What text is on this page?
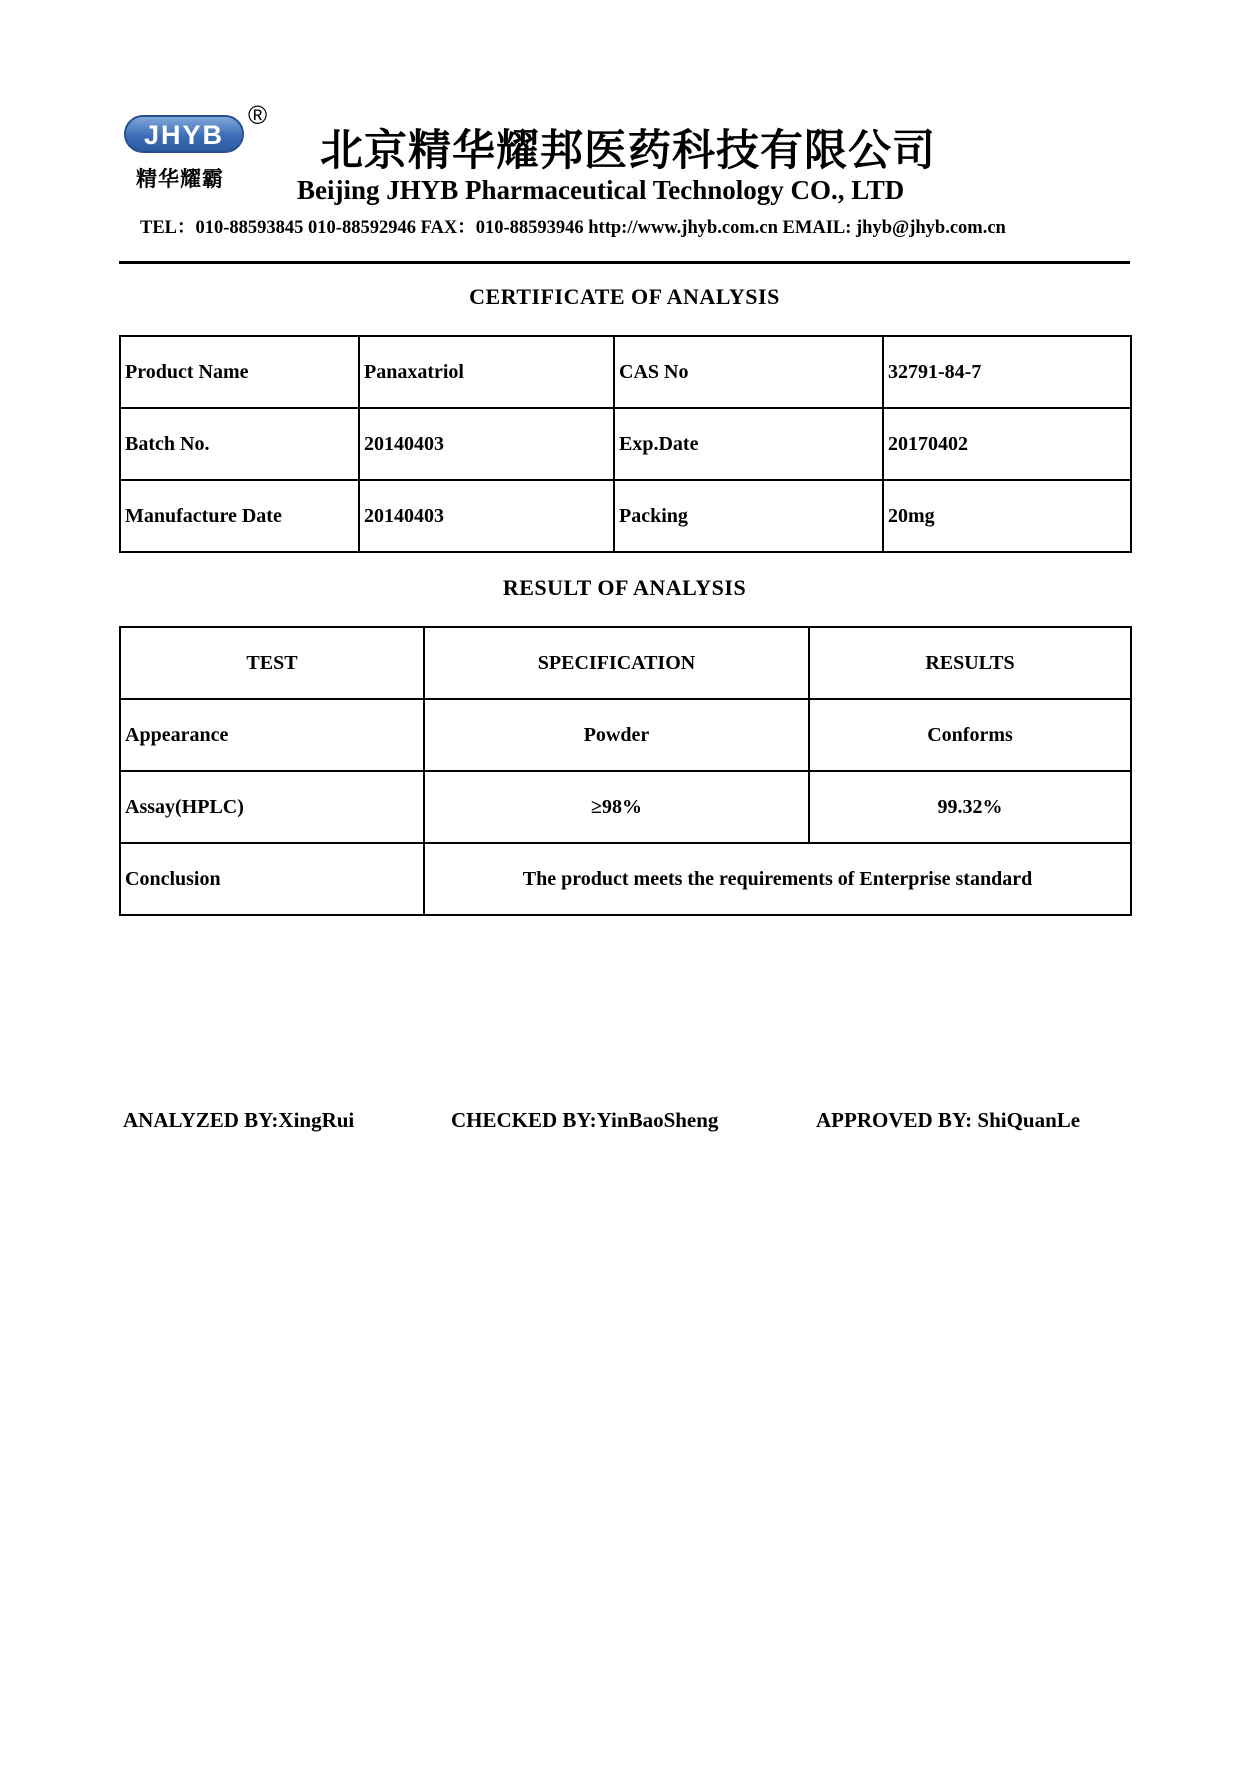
JHYB
®
精华耀霸
北京精华耀邦医药科技有限公司
Beijing JHYB Pharmaceutical Technology CO., LTD
TEL：010-88593845 010-88592946 FAX：010-88593946 http://www.jhyb.com.cn EMAIL: jhyb@jhyb.com.cn
CERTIFICATE OF ANALYSIS
Product Name	Panaxatriol	CAS No	32791-84-7
Batch No.	20140403	Exp.Date	20170402
Manufacture Date	20140403	Packing	20mg
RESULT OF ANALYSIS
TEST	SPECIFICATION	RESULTS
Appearance	Powder	Conforms
Assay(HPLC)	≥98%	99.32%
Conclusion	The product meets the requirements of Enterprise standard	
ANALYZED BY:XingRui	CHECKED BY:YinBaoSheng	APPROVED BY: ShiQuanLe
